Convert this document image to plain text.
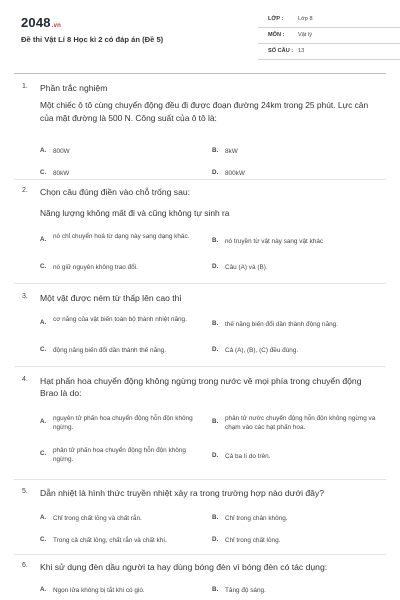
2048.vn
Đề thi Vật Lí 8 Học kì 2 có đáp án (Đề 5)
LỚP :	Lớp 8
MÔN : Vật lý
SỐ CÂU : 13
1. Phần trắc nghiệm
Một chiếc ô tô cùng chuyển động đều đi được đoạn đường 24km trong 25 phút. Lực cản của mặt đường là 500 N. Công suất của ô tô là:
A. 800W	B. 8kW
C. 80kW	D. 800kW
2. Chọn câu đúng điền vào chỗ trống sau:
Năng lượng không mất đi và cũng không tự sinh ra
A. nó chỉ chuyển hoá từ dạng này sang dạng khác.
B. nó truyền từ vật này sang vật khác
C. nó giữ nguyên không trao đổi.	D. Câu (A) và (B).
3. Một vật được ném từ thấp lên cao thì
A. cơ năng của vật biến toàn bộ thành nhiệt năng.
B. thế năng biến đổi dần thành động năng.
C. động năng biến đổi dần thành thế năng.	D. Cả (A), (B), (C) đều đúng.
4. Hạt phấn hoa chuyển động không ngừng trong nước về mọi phía trong chuyển động Brao là do:
A. nguyên tử phấn hoa chuyển động hỗn độn không ngừng.
B. phân tử nước chuyển động hỗn độn không ngừng va chạm vào các hạt phấn hoa.
C. phân tử phấn hoa chuyển động hỗn độn không ngừng.
D. Cả ba lí do trên.
5. Dẫn nhiệt là hình thức truyền nhiệt xảy ra trong trường hợp nào dưới đây?
A. Chỉ trong chất lỏng và chất rắn.	B. Chỉ trong chân không.
C. Trong cả chất lỏng, chất rắn và chất khí.	D. Chỉ trong chất lỏng.
6. Khi sử dụng đèn dầu người ta hay dùng bóng đèn vì bóng đèn có tác dụng:
A. Ngọn lửa không bị tắt khi có gió.	B. Tăng độ sáng.
